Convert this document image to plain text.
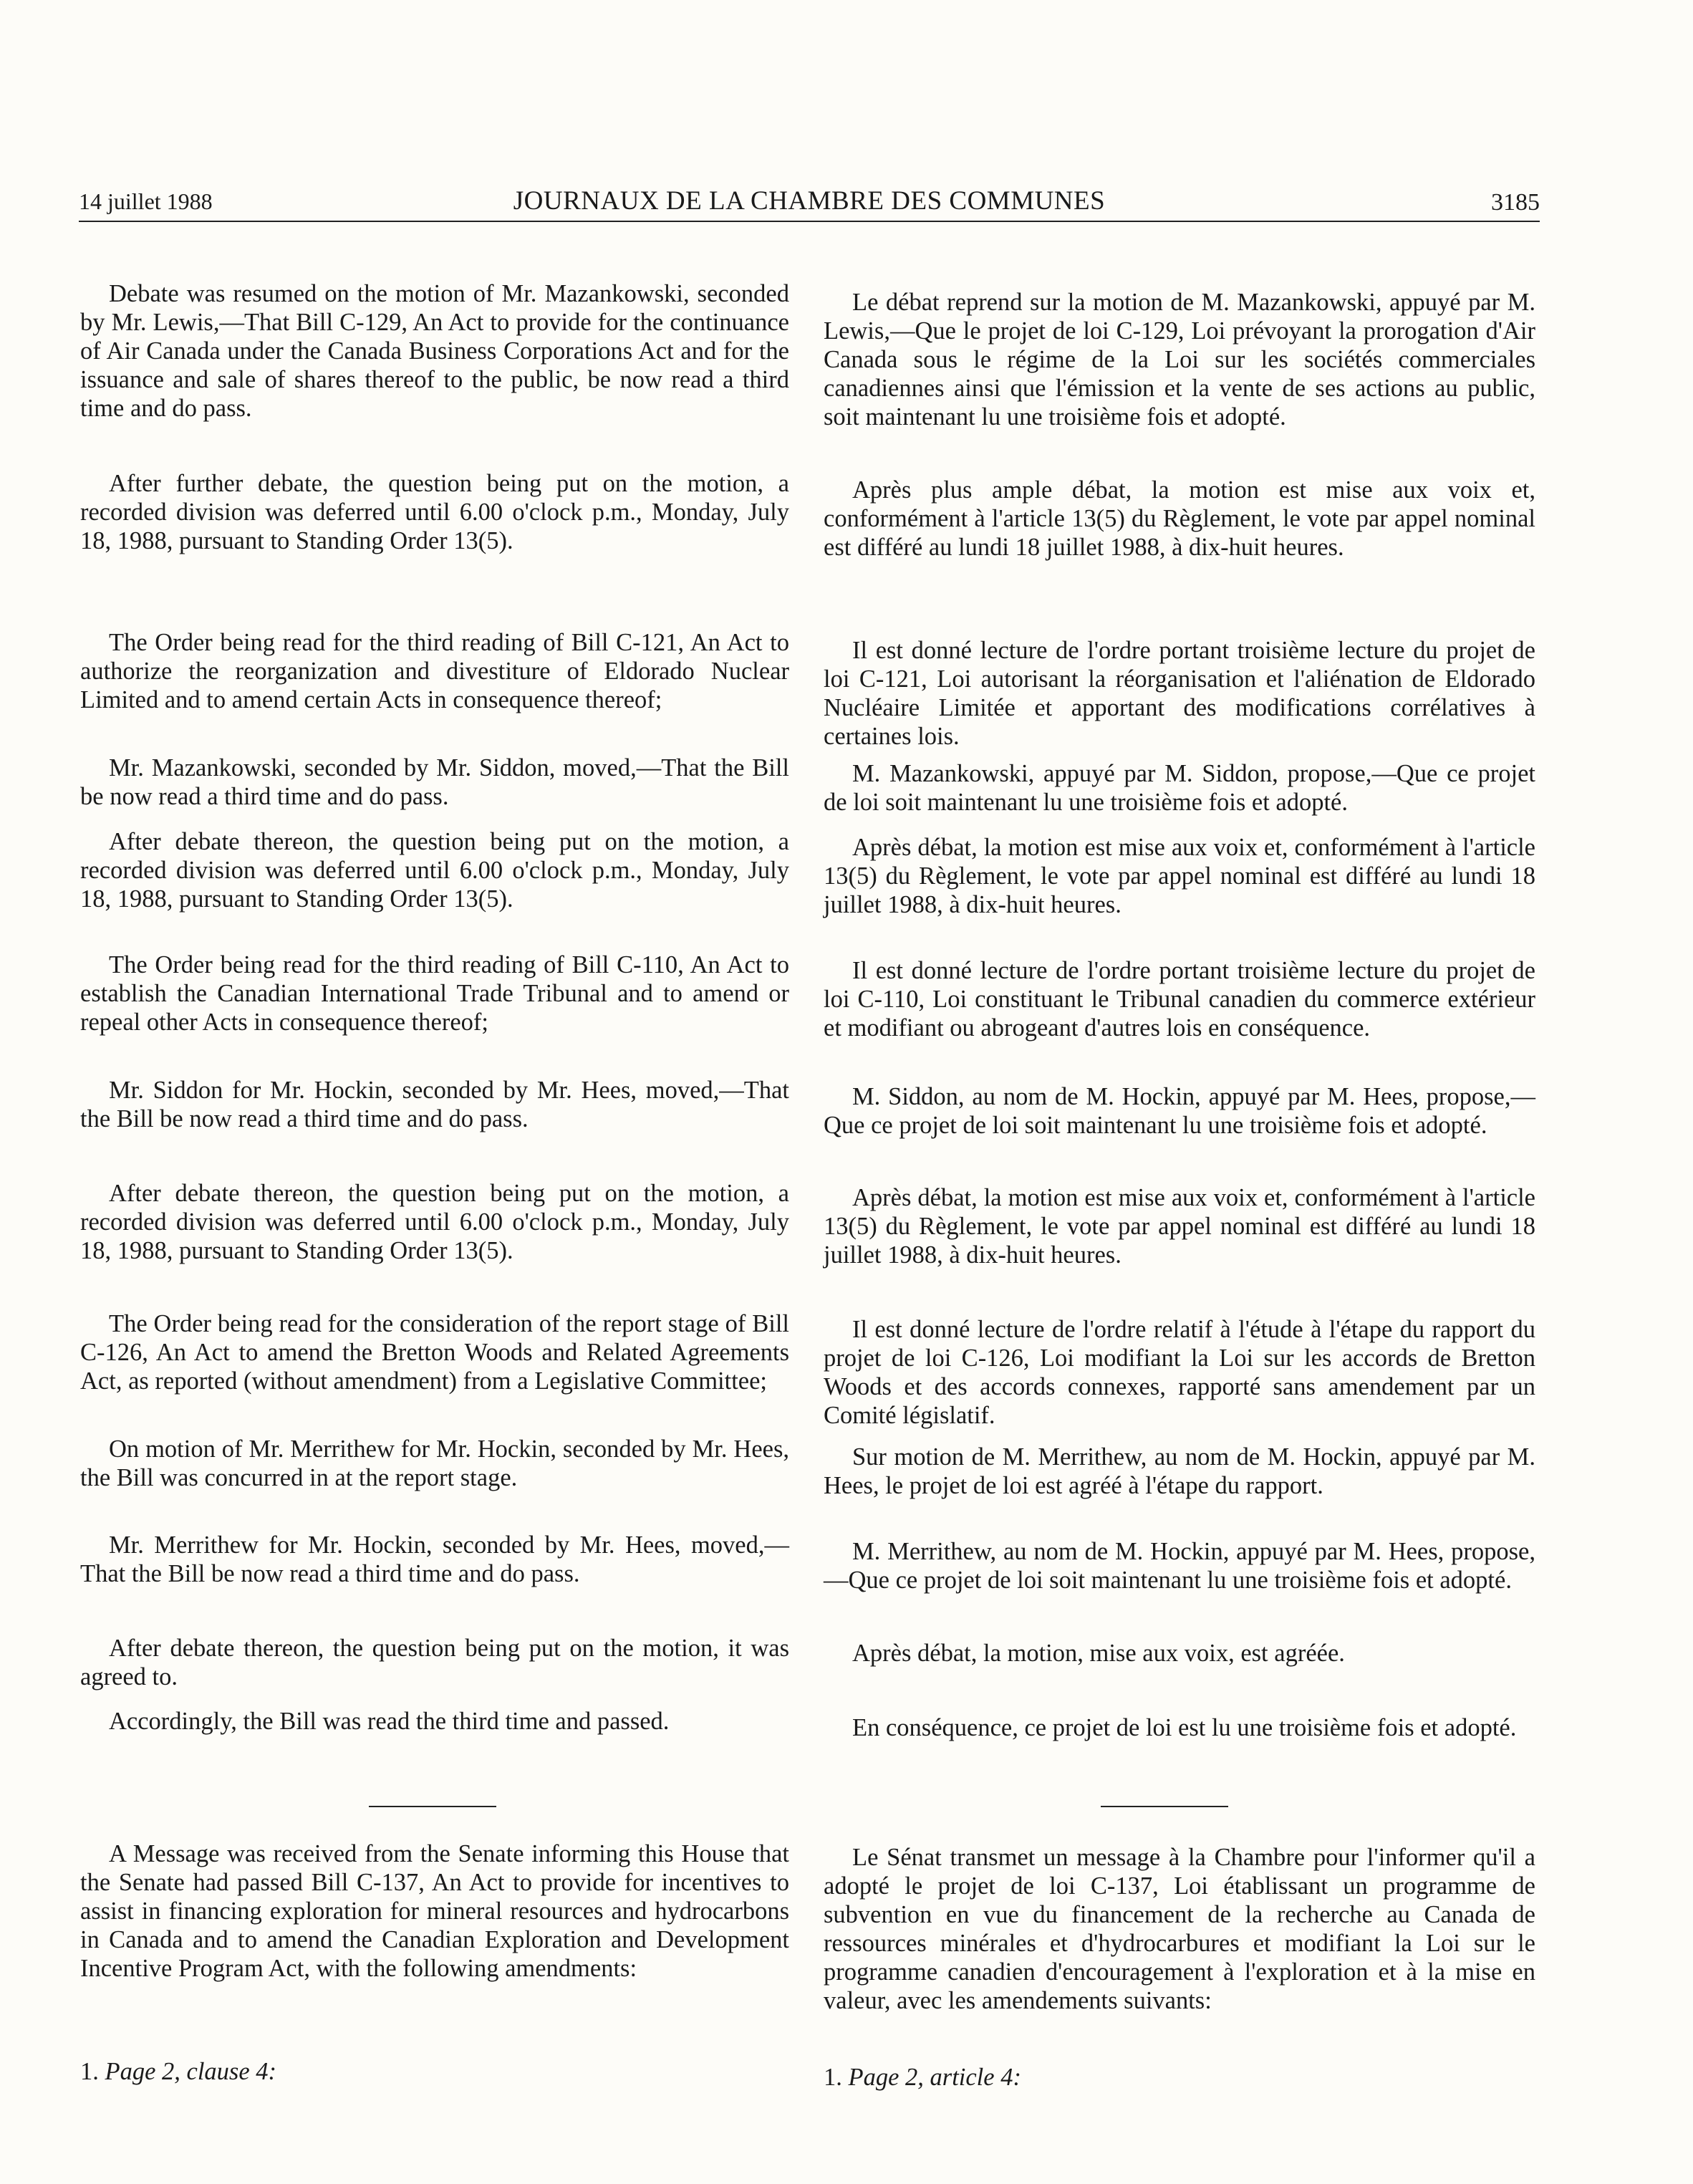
14 juillet 1988	JOURNAUX DE LA CHAMBRE DES COMMUNES	3185

Debate was resumed on the motion of Mr. Mazankowski, seconded by Mr. Lewis,—That Bill C-129, An Act to provide for the continuance of Air Canada under the Canada Business Corporations Act and for the issuance and sale of shares thereof to the public, be now read a third time and do pass.

After further debate, the question being put on the motion, a recorded division was deferred until 6.00 o'clock p.m., Monday, July 18, 1988, pursuant to Standing Order 13(5).

The Order being read for the third reading of Bill C-121, An Act to authorize the reorganization and divestiture of Eldorado Nuclear Limited and to amend certain Acts in consequence thereof;

Mr. Mazankowski, seconded by Mr. Siddon, moved,—That the Bill be now read a third time and do pass.

After debate thereon, the question being put on the motion, a recorded division was deferred until 6.00 o'clock p.m., Monday, July 18, 1988, pursuant to Standing Order 13(5).

The Order being read for the third reading of Bill C-110, An Act to establish the Canadian International Trade Tribunal and to amend or repeal other Acts in consequence thereof;

Mr. Siddon for Mr. Hockin, seconded by Mr. Hees, moved,—That the Bill be now read a third time and do pass.

After debate thereon, the question being put on the motion, a recorded division was deferred until 6.00 o'clock p.m., Monday, July 18, 1988, pursuant to Standing Order 13(5).

The Order being read for the consideration of the report stage of Bill C-126, An Act to amend the Bretton Woods and Related Agreements Act, as reported (without amendment) from a Legislative Committee;

On motion of Mr. Merrithew for Mr. Hockin, seconded by Mr. Hees, the Bill was concurred in at the report stage.

Mr. Merrithew for Mr. Hockin, seconded by Mr. Hees, moved,—That the Bill be now read a third time and do pass.

After debate thereon, the question being put on the motion, it was agreed to.

Accordingly, the Bill was read the third time and passed.

A Message was received from the Senate informing this House that the Senate had passed Bill C-137, An Act to provide for incentives to assist in financing exploration for mineral resources and hydrocarbons in Canada and to amend the Canadian Exploration and Development Incentive Program Act, with the following amendments:

1. Page 2, clause 4:

Le débat reprend sur la motion de M. Mazankowski, appuyé par M. Lewis,—Que le projet de loi C-129, Loi prévoyant la prorogation d'Air Canada sous le régime de la Loi sur les sociétés commerciales canadiennes ainsi que l'émission et la vente de ses actions au public, soit maintenant lu une troisième fois et adopté.

Après plus ample débat, la motion est mise aux voix et, conformément à l'article 13(5) du Règlement, le vote par appel nominal est différé au lundi 18 juillet 1988, à dix-huit heures.

Il est donné lecture de l'ordre portant troisième lecture du projet de loi C-121, Loi autorisant la réorganisation et l'aliénation de Eldorado Nucléaire Limitée et apportant des modifications corrélatives à certaines lois.

M. Mazankowski, appuyé par M. Siddon, propose,—Que ce projet de loi soit maintenant lu une troisième fois et adopté.

Après débat, la motion est mise aux voix et, conformément à l'article 13(5) du Règlement, le vote par appel nominal est différé au lundi 18 juillet 1988, à dix-huit heures.

Il est donné lecture de l'ordre portant troisième lecture du projet de loi C-110, Loi constituant le Tribunal canadien du commerce extérieur et modifiant ou abrogeant d'autres lois en conséquence.

M. Siddon, au nom de M. Hockin, appuyé par M. Hees, propose,—Que ce projet de loi soit maintenant lu une troisième fois et adopté.

Après débat, la motion est mise aux voix et, conformément à l'article 13(5) du Règlement, le vote par appel nominal est différé au lundi 18 juillet 1988, à dix-huit heures.

Il est donné lecture de l'ordre relatif à l'étude à l'étape du rapport du projet de loi C-126, Loi modifiant la Loi sur les accords de Bretton Woods et des accords connexes, rapporté sans amendement par un Comité législatif.

Sur motion de M. Merrithew, au nom de M. Hockin, appuyé par M. Hees, le projet de loi est agréé à l'étape du rapport.

M. Merrithew, au nom de M. Hockin, appuyé par M. Hees, propose,—Que ce projet de loi soit maintenant lu une troisième fois et adopté.

Après débat, la motion, mise aux voix, est agréée.

En conséquence, ce projet de loi est lu une troisième fois et adopté.

Le Sénat transmet un message à la Chambre pour l'informer qu'il a adopté le projet de loi C-137, Loi établissant un programme de subvention en vue du financement de la recherche au Canada de ressources minérales et d'hydrocarbures et modifiant la Loi sur le programme canadien d'encouragement à l'exploration et à la mise en valeur, avec les amendements suivants:

1. Page 2, article 4:
